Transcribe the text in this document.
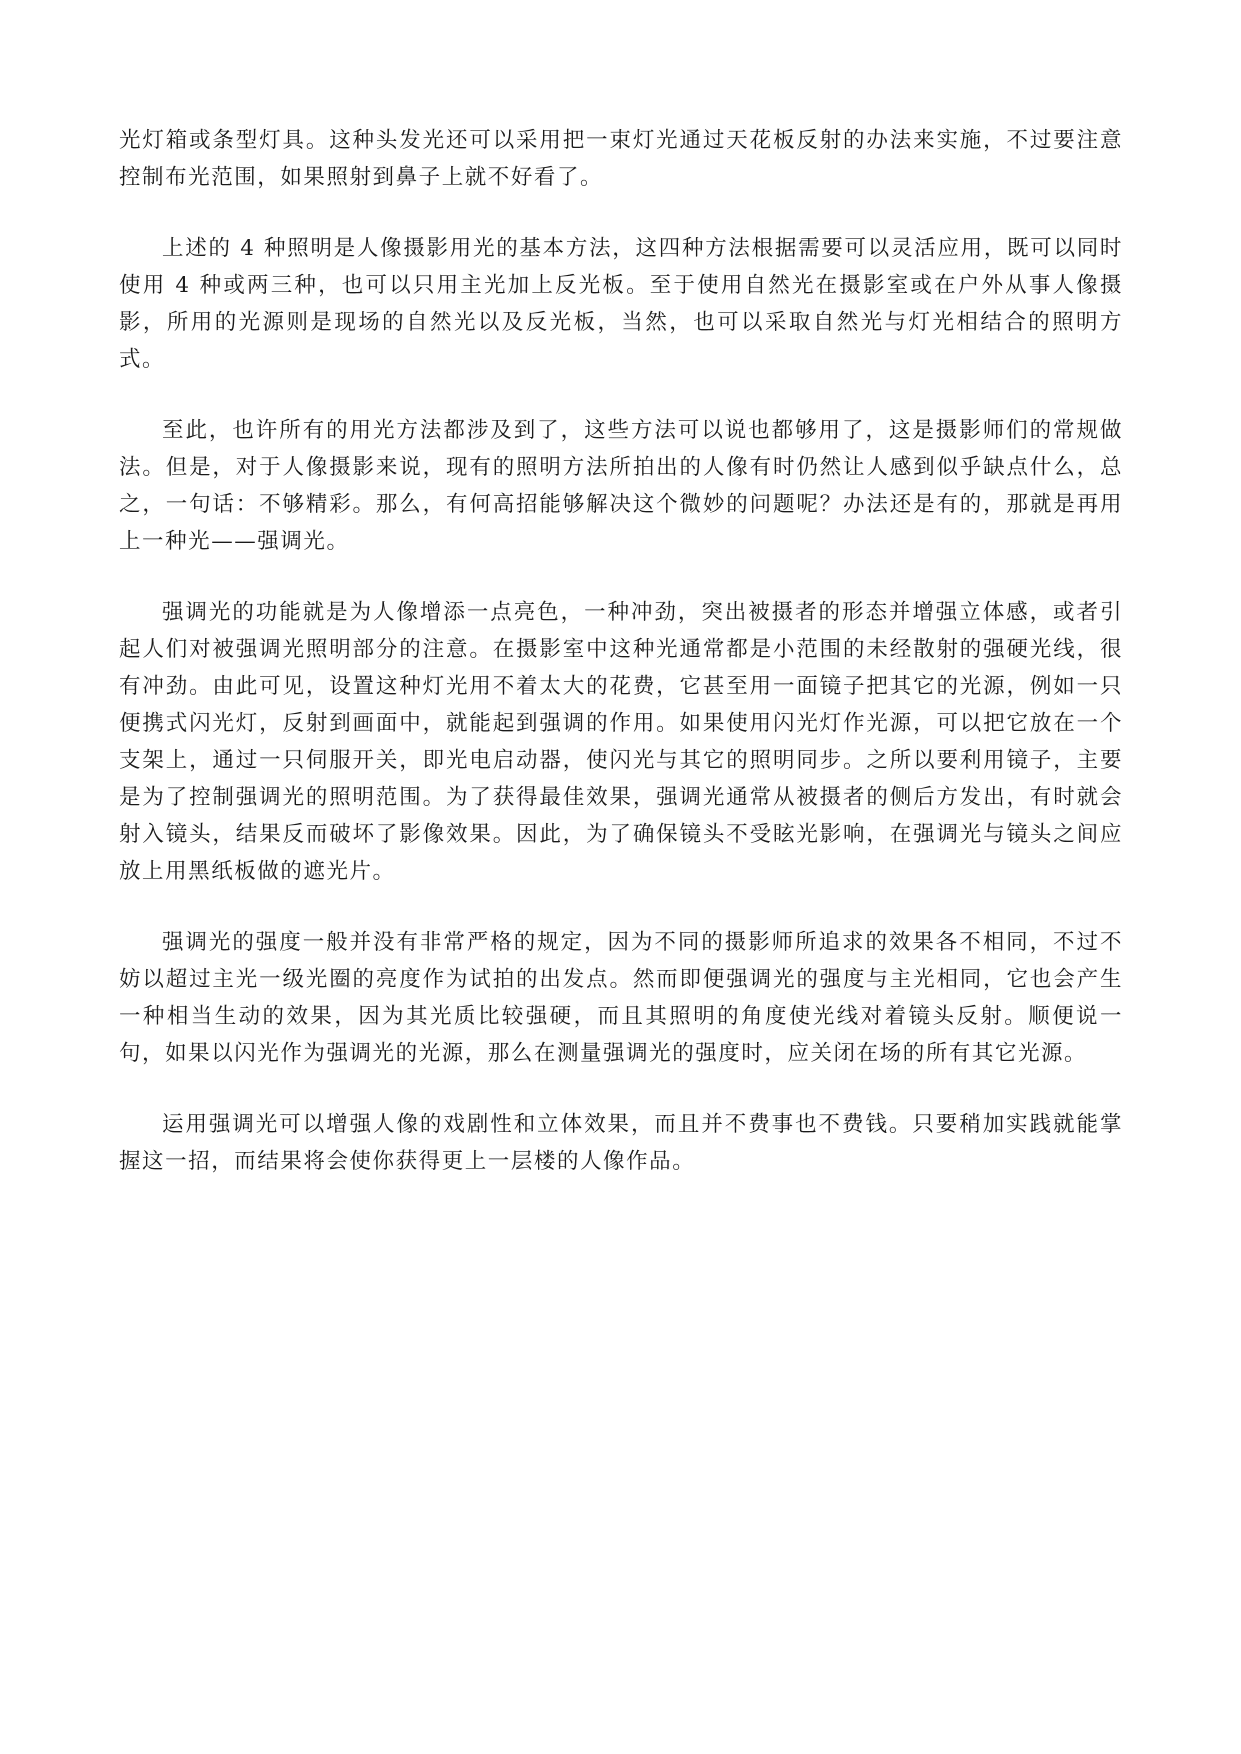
光灯箱或条型灯具。这种头发光还可以采用把一束灯光通过天花板反射的办法来实施，不过要注意控制布光范围，如果照射到鼻子上就不好看了。

上述的 4 种照明是人像摄影用光的基本方法，这四种方法根据需要可以灵活应用，既可以同时使用 4 种或两三种，也可以只用主光加上反光板。至于使用自然光在摄影室或在户外从事人像摄影，所用的光源则是现场的自然光以及反光板，当然，也可以采取自然光与灯光相结合的照明方式。

至此，也许所有的用光方法都涉及到了，这些方法可以说也都够用了，这是摄影师们的常规做法。但是，对于人像摄影来说，现有的照明方法所拍出的人像有时仍然让人感到似乎缺点什么，总之，一句话：不够精彩。那么，有何高招能够解决这个微妙的问题呢？办法还是有的，那就是再用上一种光——强调光。

强调光的功能就是为人像增添一点亮色，一种冲劲，突出被摄者的形态并增强立体感，或者引起人们对被强调光照明部分的注意。在摄影室中这种光通常都是小范围的未经散射的强硬光线，很有冲劲。由此可见，设置这种灯光用不着太大的花费，它甚至用一面镜子把其它的光源，例如一只便携式闪光灯，反射到画面中，就能起到强调的作用。如果使用闪光灯作光源，可以把它放在一个支架上，通过一只伺服开关，即光电启动器，使闪光与其它的照明同步。之所以要利用镜子，主要是为了控制强调光的照明范围。为了获得最佳效果，强调光通常从被摄者的侧后方发出，有时就会射入镜头，结果反而破坏了影像效果。因此，为了确保镜头不受眩光影响，在强调光与镜头之间应放上用黑纸板做的遮光片。

强调光的强度一般并没有非常严格的规定，因为不同的摄影师所追求的效果各不相同，不过不妨以超过主光一级光圈的亮度作为试拍的出发点。然而即便强调光的强度与主光相同，它也会产生一种相当生动的效果，因为其光质比较强硬，而且其照明的角度使光线对着镜头反射。顺便说一句，如果以闪光作为强调光的光源，那么在测量强调光的强度时，应关闭在场的所有其它光源。

运用强调光可以增强人像的戏剧性和立体效果，而且并不费事也不费钱。只要稍加实践就能掌握这一招，而结果将会使你获得更上一层楼的人像作品。
